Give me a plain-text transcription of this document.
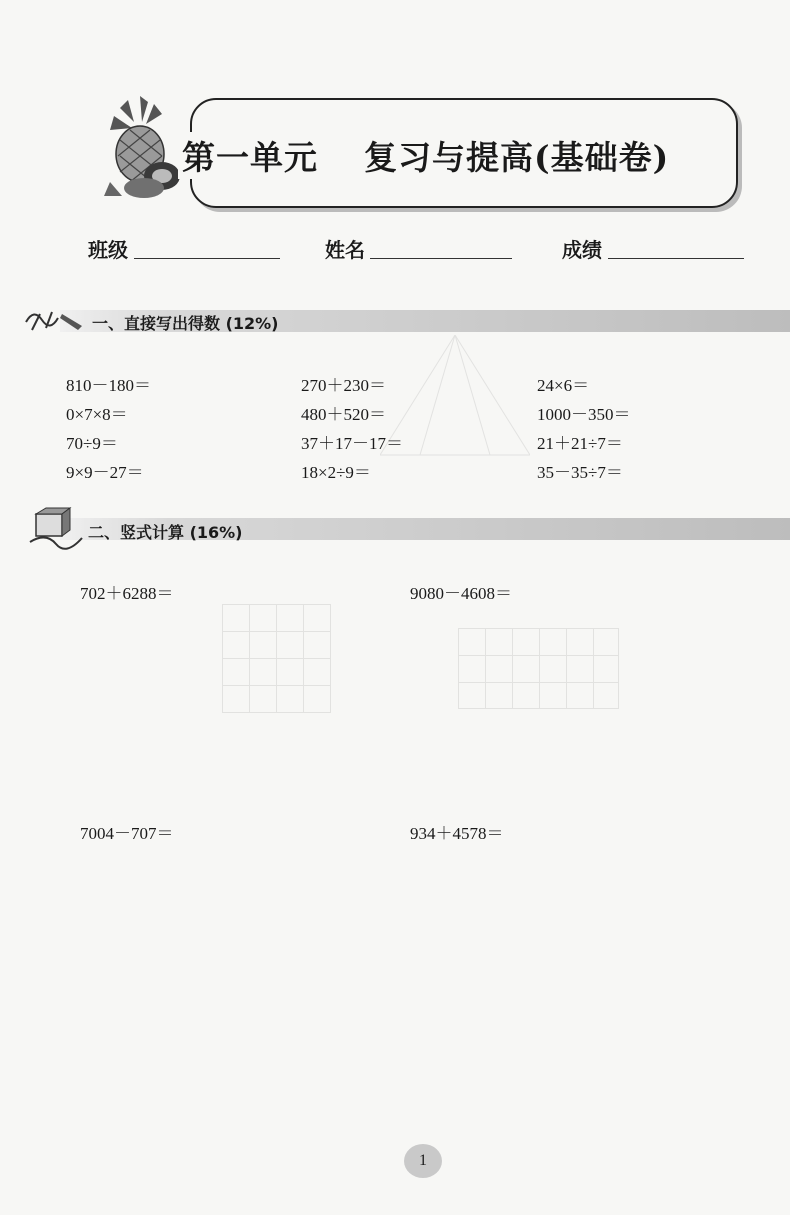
第一单元 复习与提高(基础卷)
班级	姓名	成绩
一、直接写出得数 (12%)
810－180＝	270＋230＝	24×6＝
0×7×8＝	480＋520＝	1000－350＝
70÷9＝	37＋17－17＝	21＋21÷7＝
9×9－27＝	18×2÷9＝	35－35÷7＝
二、竖式计算 (16%)
702＋6288＝	9080－4608＝
7004－707＝	934＋4578＝
1
